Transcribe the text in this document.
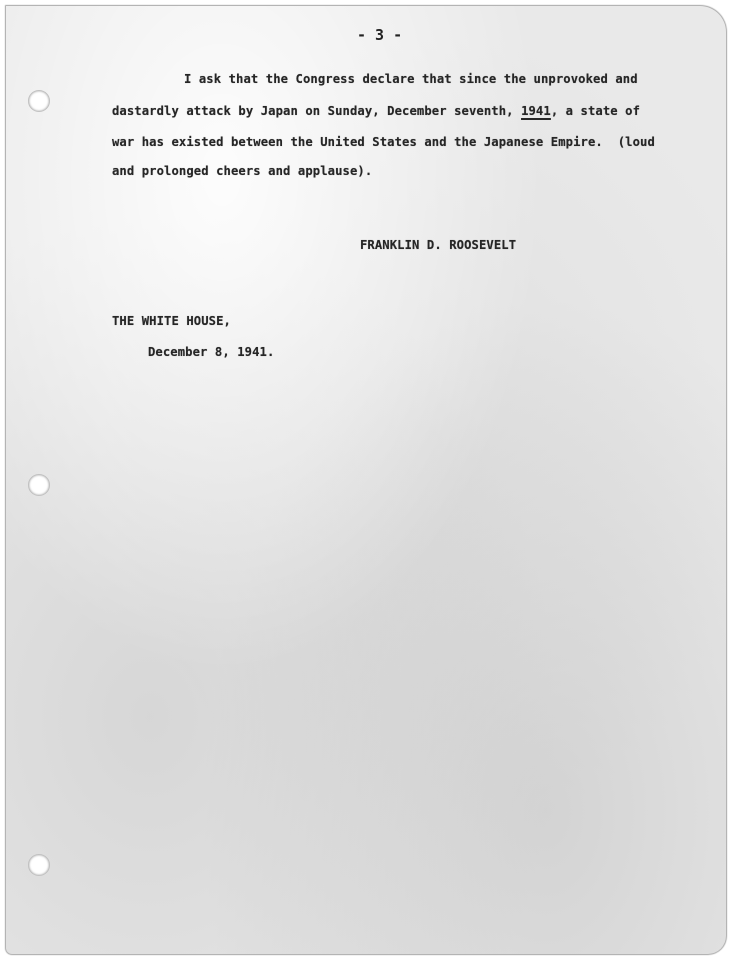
- 3 -

I ask that the Congress declare that since the unprovoked and

dastardly attack by Japan on Sunday, December seventh, 1941, a state of

war has existed between the United States and the Japanese Empire.  (loud

and prolonged cheers and applause).

FRANKLIN D. ROOSEVELT

THE WHITE HOUSE,

December 8, 1941.
